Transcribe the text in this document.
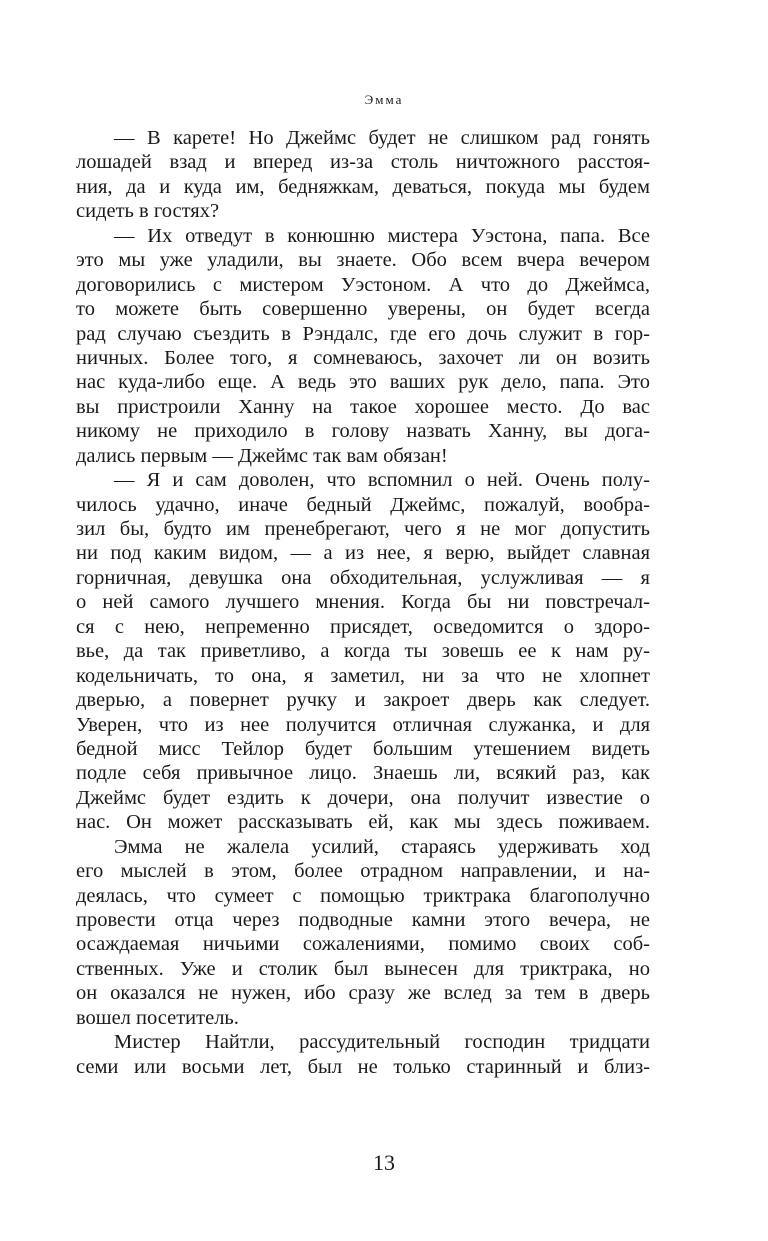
Эмма
— В карете! Но Джеймс будет не слишком рад гонять
лошадей взад и вперед из-за столь ничтожного расстоя-
ния, да и куда им, бедняжкам, деваться, покуда мы будем
сидеть в гостях?
— Их отведут в конюшню мистера Уэстона, папа. Все
это мы уже уладили, вы знаете. Обо всем вчера вечером
договорились с мистером Уэстоном. А что до Джеймса,
то можете быть совершенно уверены, он будет всегда
рад случаю съездить в Рэндалс, где его дочь служит в гор-
ничных. Более того, я сомневаюсь, захочет ли он возить
нас куда-либо еще. А ведь это ваших рук дело, папа. Это
вы пристроили Ханну на такое хорошее место. До вас
никому не приходило в голову назвать Ханну, вы дога-
дались первым — Джеймс так вам обязан!
— Я и сам доволен, что вспомнил о ней. Очень полу-
чилось удачно, иначе бедный Джеймс, пожалуй, вообра-
зил бы, будто им пренебрегают, чего я не мог допустить
ни под каким видом, — а из нее, я верю, выйдет славная
горничная, девушка она обходительная, услужливая — я
о ней самого лучшего мнения. Когда бы ни повстречал-
ся с нею, непременно присядет, осведомится о здоро-
вье, да так приветливо, а когда ты зовешь ее к нам ру-
кодельничать, то она, я заметил, ни за что не хлопнет
дверью, а повернет ручку и закроет дверь как следует.
Уверен, что из нее получится отличная служанка, и для
бедной мисс Тейлор будет большим утешением видеть
подле себя привычное лицо. Знаешь ли, всякий раз, как
Джеймс будет ездить к дочери, она получит известие о
нас. Он может рассказывать ей, как мы здесь поживаем.
Эмма не жалела усилий, стараясь удерживать ход
его мыслей в этом, более отрадном направлении, и на-
деялась, что сумеет с помощью триктрака благополучно
провести отца через подводные камни этого вечера, не
осаждаемая ничьими сожалениями, помимо своих соб-
ственных. Уже и столик был вынесен для триктрака, но
он оказался не нужен, ибо сразу же вслед за тем в дверь
вошел посетитель.
Мистер Найтли, рассудительный господин тридцати
семи или восьми лет, был не только старинный и близ-
13
